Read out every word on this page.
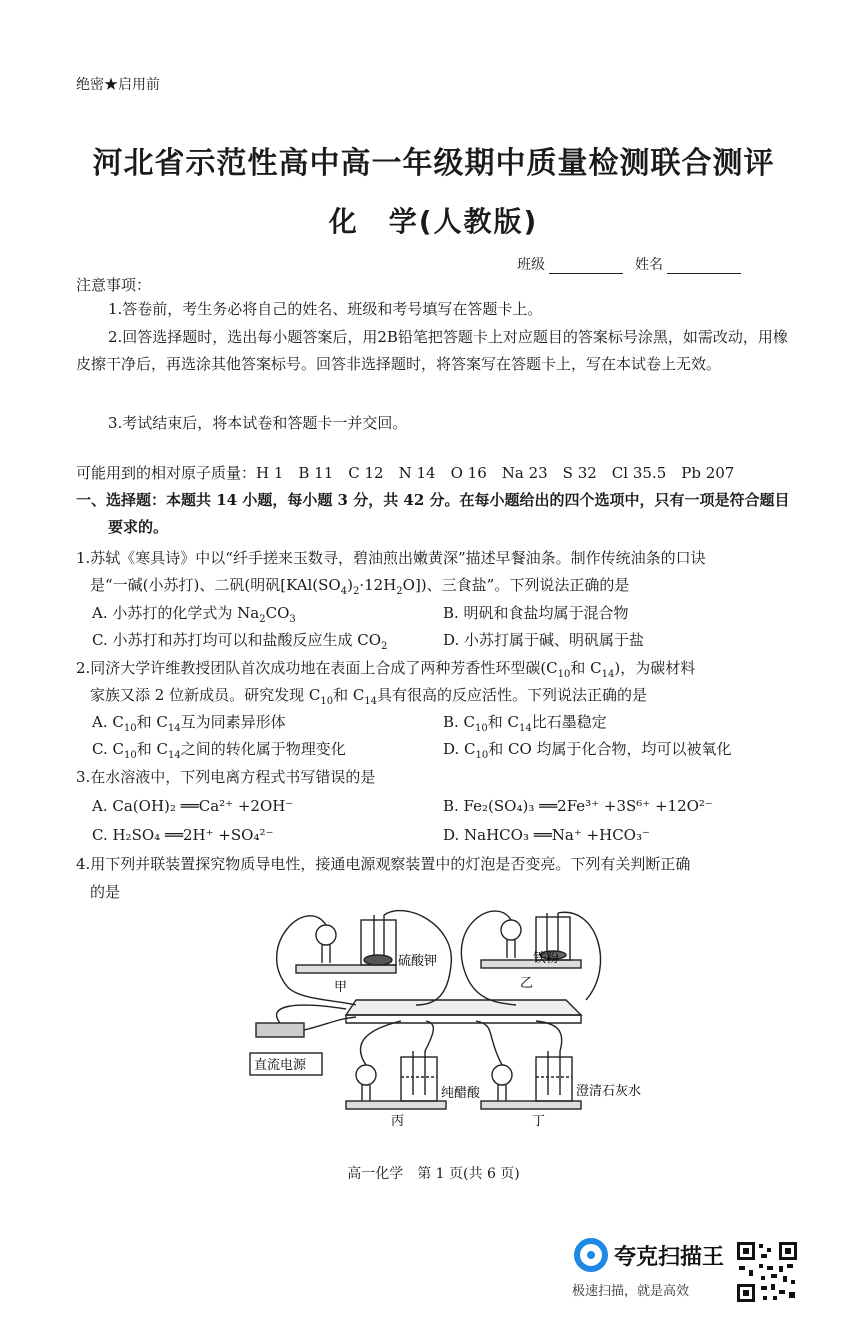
绝密★启用前
河北省示范性高中高一年级期中质量检测联合测评
化　学(人教版)
班级	姓名
注意事项：
1.答卷前，考生务必将自己的姓名、班级和考号填写在答题卡上。
2.回答选择题时，选出每小题答案后，用2B铅笔把答题卡上对应题目的答案标号涂黑，如需改动，用橡皮擦干净后，再选涂其他答案标号。回答非选择题时，将答案写在答题卡上，写在本试卷上无效。
3.考试结束后，将本试卷和答题卡一并交回。
可能用到的相对原子质量：H 1　B 11　C 12　N 14　O 16　Na 23　S 32　Cl 35.5　Pb 207
一、选择题：本题共 14 小题，每小题 3 分，共 42 分。在每小题给出的四个选项中，只有一项是符合题目要求的。
1.苏轼《寒具诗》中以“纤手搓来玉数寻，碧油煎出嫩黄深”描述早餐油条。制作传统油条的口诀
是“一碱(小苏打)、二矾(明矾$[KAl(SO_4)_2\cdot 12H_2O]$)、三食盐”。下列说法正确的是
A. 小苏打的化学式为 $Na_2CO_3$	B. 明矾和食盐均属于混合物
C. 小苏打和苏打均可以和盐酸反应生成 $CO_2$	D. 小苏打属于碱、明矾属于盐
2.同济大学许维教授团队首次成功地在表面上合成了两种芳香性环型碳($C_{10}$和 $C_{14}$)，为碳材料
家族又添 2 位新成员。研究发现 $C_{10}$和 $C_{14}$具有很高的反应活性。下列说法正确的是
A. $C_{10}$和 $C_{14}$互为同素异形体	B. $C_{10}$和 $C_{14}$比石墨稳定
C. $C_{10}$和 $C_{14}$之间的转化属于物理变化	D. $C_{10}$和 CO 均属于化合物，均可以被氧化
3.在水溶液中，下列电离方程式书写错误的是
A. Ca(OH)₂ ══Ca²⁺ +2OH⁻	B. Fe₂(SO₄)₃ ══2Fe³⁺ +3S⁶⁺ +12O²⁻
C. H₂SO₄ ══2H⁺ +SO₄²⁻	D. NaHCO₃ ══Na⁺ +HCO₃⁻
4.用下列并联装置探究物质导电性，接通电源观察装置中的灯泡是否变亮。下列有关判断正确
的是
硫酸钾	铁粉
甲	乙
直流电源
纯醋酸	澄清石灰水
丙	丁
高一化学　第 1 页(共 6 页)
夸克扫描王
极速扫描，就是高效
